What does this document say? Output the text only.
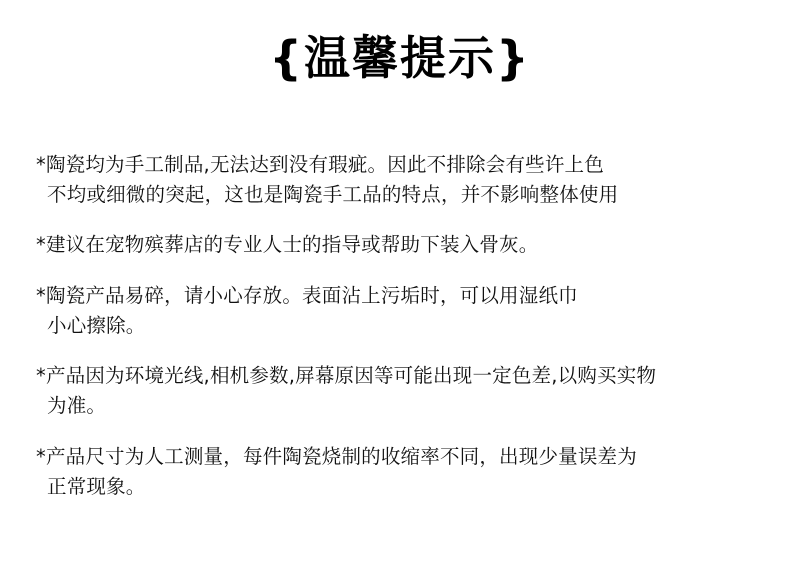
{温馨提示}
*陶瓷均为手工制品,无法达到没有瑕疵。因此不排除会有些许上色
不均或细微的突起，这也是陶瓷手工品的特点，并不影响整体使用
*建议在宠物殡葬店的专业人士的指导或帮助下装入骨灰。
*陶瓷产品易碎，请小心存放。表面沾上污垢时，可以用湿纸巾
小心擦除。
*产品因为环境光线,相机参数,屏幕原因等可能出现一定色差,以购买实物
为准。
*产品尺寸为人工测量，每件陶瓷烧制的收缩率不同，出现少量误差为
正常现象。
